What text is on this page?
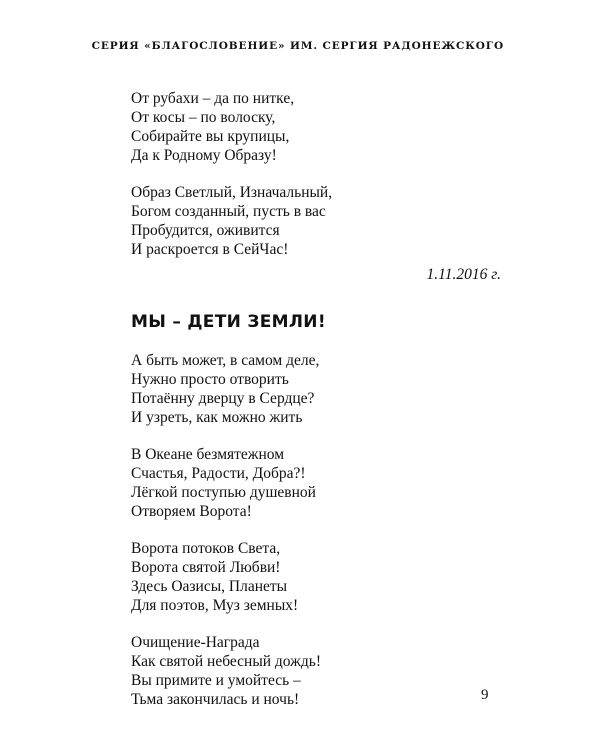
СЕРИЯ «БЛАГОСЛОВЕНИЕ» ИМ. СЕРГИЯ РАДОНЕЖСКОГО
От рубахи – да по нитке,
От косы – по волоску,
Собирайте вы крупицы,
Да к Родному Образу!
Образ Светлый, Изначальный,
Богом созданный, пусть в вас
Пробудится, оживится
И раскроется в СейЧас!
1.11.2016 г.
МЫ – ДЕТИ ЗЕМЛИ!
А быть может, в самом деле,
Нужно просто отворить
Потаённу дверцу в Сердце?
И узреть, как можно жить
В Океане безмятежном
Счастья, Радости, Добра?!
Лёгкой поступью душевной
Отворяем Ворота!
Ворота потоков Света,
Ворота святой Любви!
Здесь Оазисы, Планеты
Для поэтов, Муз земных!
Очищение-Награда
Как святой небесный дождь!
Вы примите и умойтесь –
Тьма закончилась и ночь!	9
